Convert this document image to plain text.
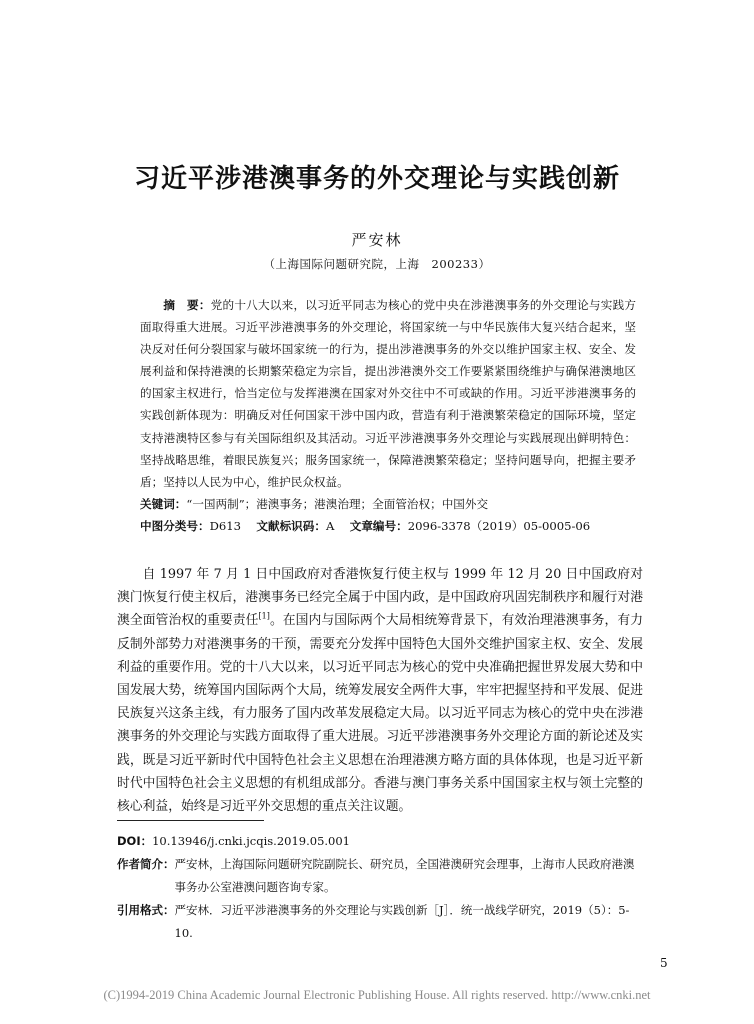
习近平涉港澳事务的外交理论与实践创新
严安林
（上海国际问题研究院，上海　200233）

摘　要：党的十八大以来，以习近平同志为核心的党中央在涉港澳事务的外交理论与实践方面取得重大进展。习近平涉港澳事务的外交理论，将国家统一与中华民族伟大复兴结合起来，坚决反对任何分裂国家与破坏国家统一的行为，提出涉港澳事务的外交以维护国家主权、安全、发展利益和保持港澳的长期繁荣稳定为宗旨，提出涉港澳外交工作要紧紧围绕维护与确保港澳地区的国家主权进行，恰当定位与发挥港澳在国家对外交往中不可或缺的作用。习近平涉港澳事务的实践创新体现为：明确反对任何国家干涉中国内政，营造有利于港澳繁荣稳定的国际环境，坚定支持港澳特区参与有关国际组织及其活动。习近平涉港澳事务外交理论与实践展现出鲜明特色：坚持战略思维，着眼民族复兴；服务国家统一，保障港澳繁荣稳定；坚持问题导向，把握主要矛盾；坚持以人民为中心，维护民众权益。

关键词：“一国两制”；港澳事务；港澳治理；全面管治权；中国外交
中图分类号：D613 文献标识码：A 文章编号：2096-3378（2019）05-0005-06

自 1997 年 7 月 1 日中国政府对香港恢复行使主权与 1999 年 12 月 20 日中国政府对澳门恢复行使主权后，港澳事务已经完全属于中国内政，是中国政府巩固宪制秩序和履行对港澳全面管治权的重要责任[1]。在国内与国际两个大局相统筹背景下，有效治理港澳事务，有力反制外部势力对港澳事务的干预，需要充分发挥中国特色大国外交维护国家主权、安全、发展利益的重要作用。党的十八大以来，以习近平同志为核心的党中央准确把握世界发展大势和中国发展大势，统筹国内国际两个大局，统筹发展安全两件大事，牢牢把握坚持和平发展、促进民族复兴这条主线，有力服务了国内改革发展稳定大局。以习近平同志为核心的党中央在涉港澳事务的外交理论与实践方面取得了重大进展。习近平涉港澳事务外交理论方面的新论述及实践，既是习近平新时代中国特色社会主义思想在治理港澳方略方面的具体体现，也是习近平新时代中国特色社会主义思想的有机组成部分。香港与澳门事务关系中国国家主权与领土完整的核心利益，始终是习近平外交思想的重点关注议题。

DOI： 10.13946/j.cnki.jcqis.2019.05.001
作者简介： 严安林，上海国际问题研究院副院长、研究员，全国港澳研究会理事，上海市人民政府港澳事务办公室港澳问题咨询专家。
引用格式： 严安林．习近平涉港澳事务的外交理论与实践创新［J］．统一战线学研究，2019（5）：5-10.
5
(C)1994-2019 China Academic Journal Electronic Publishing House. All rights reserved. http://www.cnki.net
